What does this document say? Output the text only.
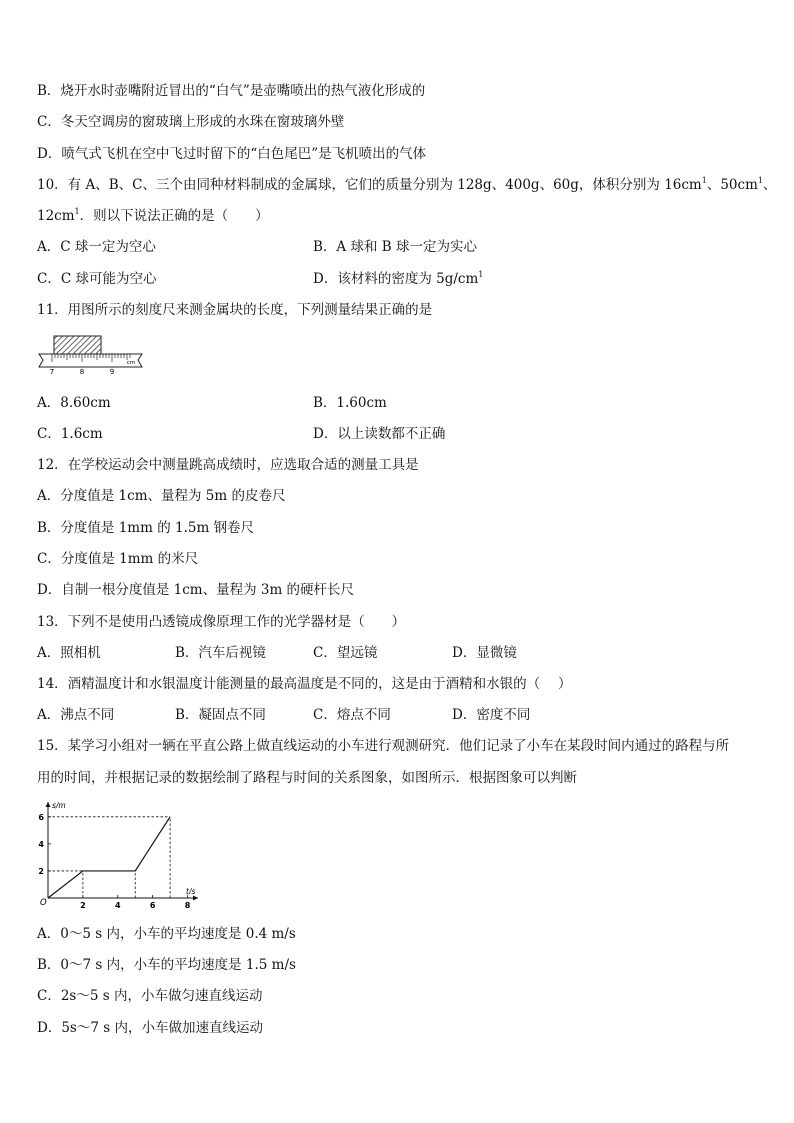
B．烧开水时壶嘴附近冒出的“白气”是壶嘴喷出的热气液化形成的
C．冬天空调房的窗玻璃上形成的水珠在窗玻璃外壁
D．喷气式飞机在空中飞过时留下的“白色尾巴”是飞机喷出的气体
10．有 A、B、C、三个由同种材料制成的金属球，它们的质量分别为 128g、400g、60g，体积分别为 $16cm^1$、$50cm^1$、
$12cm^1$．则以下说法正确的是（　　）
A．C 球一定为空心	B．A 球和 B 球一定为实心
C．C 球可能为空心	D．该材料的密度为 $5g/cm^1$
11．用图所示的刻度尺来测金属块的长度，下列测量结果正确的是
7	8	9
cm
A．8.60cm	B．1.60cm
C．1.6cm	D．以上读数都不正确
12．在学校运动会中测量跳高成绩时，应选取合适的测量工具是
A．分度值是 1cm、量程为 5m 的皮卷尺
B．分度值是 1mm 的 1.5m 钢卷尺
C．分度值是 1mm 的米尺
D．自制一根分度值是 1cm、量程为 3m 的硬杆长尺
13．下列不是使用凸透镜成像原理工作的光学器材是（　　）
A．照相机	B．汽车后视镜	C．望远镜	D．显微镜
14．酒精温度计和水银温度计能测量的最高温度是不同的，这是由于酒精和水银的（　 ）
A．沸点不同	B．凝固点不同	C．熔点不同	D．密度不同
15．某学习小组对一辆在平直公路上做直线运动的小车进行观测研究．他们记录了小车在某段时间内通过的路程与所
用的时间，并根据记录的数据绘制了路程与时间的关系图象，如图所示．根据图象可以判断
2	4	6	8
2
4
6
O
s/m
t/s
A．0～5 s 内，小车的平均速度是 0.4 m/s
B．0～7 s 内，小车的平均速度是 1.5 m/s
C．2s～5 s 内，小车做匀速直线运动
D．5s～7 s 内，小车做加速直线运动
